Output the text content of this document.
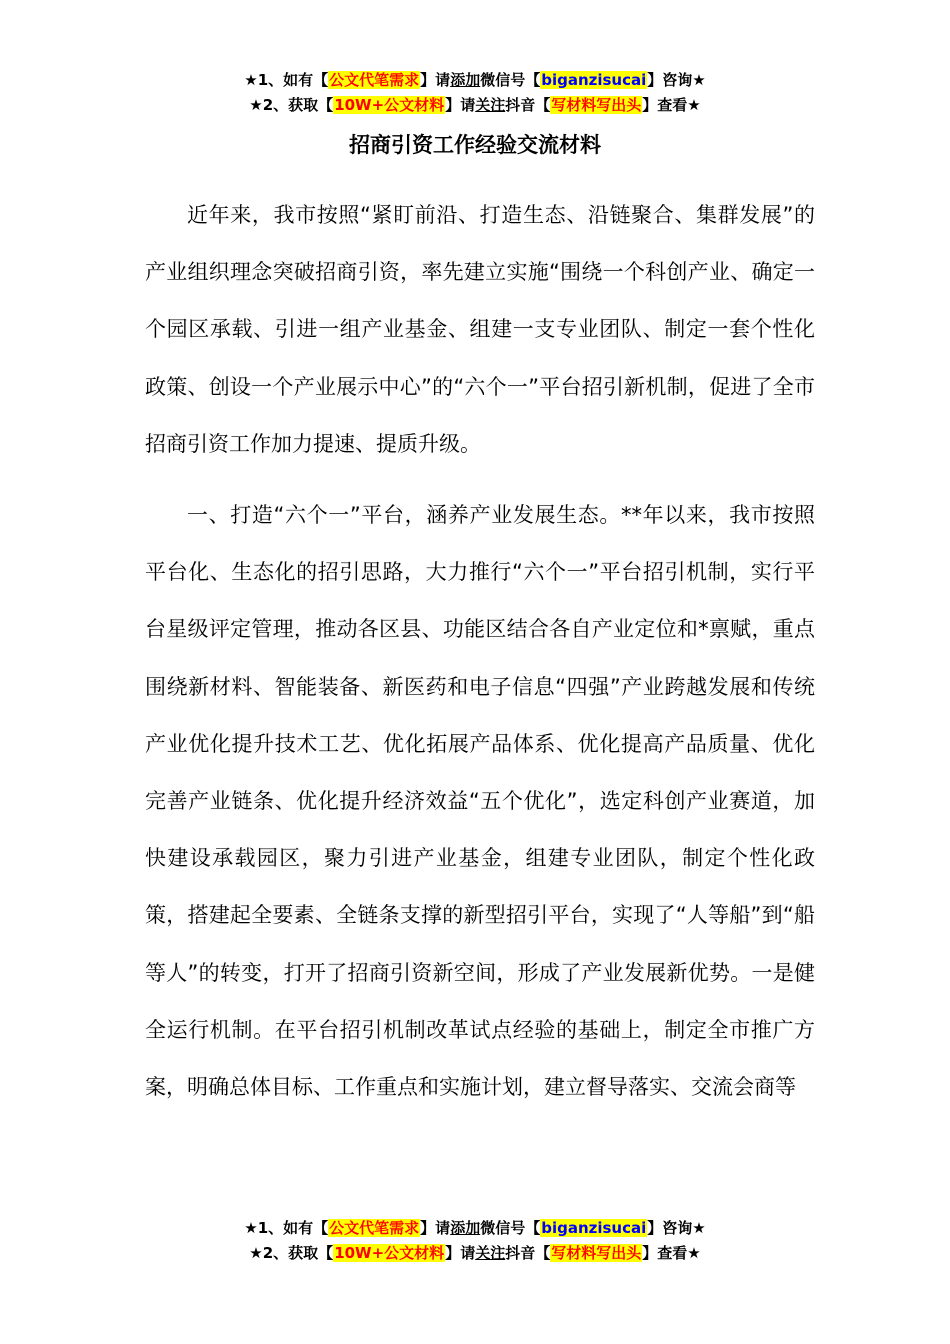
★1、如有【公文代笔需求】请添加微信号【biganzisucai】咨询★
★2、获取【10W+公文材料】请关注抖音【写材料写出头】查看★
招商引资工作经验交流材料

近年来，我市按照“紧盯前沿、打造生态、沿链聚合、集群发展”的产业组织理念突破招商引资，率先建立实施“围绕一个科创产业、确定一个园区承载、引进一组产业基金、组建一支专业团队、制定一套个性化政策、创设一个产业展示中心”的“六个一”平台招引新机制，促进了全市招商引资工作加力提速、提质升级。

一、打造“六个一”平台，涵养产业发展生态。**年以来，我市按照平台化、生态化的招引思路，大力推行“六个一”平台招引机制，实行平台星级评定管理，推动各区县、功能区结合各自产业定位和*禀赋，重点围绕新材料、智能装备、新医药和电子信息“四强”产业跨越发展和传统产业优化提升技术工艺、优化拓展产品体系、优化提高产品质量、优化完善产业链条、优化提升经济效益“五个优化”，选定科创产业赛道，加快建设承载园区，聚力引进产业基金，组建专业团队，制定个性化政策，搭建起全要素、全链条支撑的新型招引平台，实现了“人等船”到“船等人”的转变，打开了招商引资新空间，形成了产业发展新优势。一是健全运行机制。在平台招引机制改革试点经验的基础上，制定全市推广方案，明确总体目标、工作重点和实施计划，建立督导落实、交流会商等

★1、如有【公文代笔需求】请添加微信号【biganzisucai】咨询★
★2、获取【10W+公文材料】请关注抖音【写材料写出头】查看★
